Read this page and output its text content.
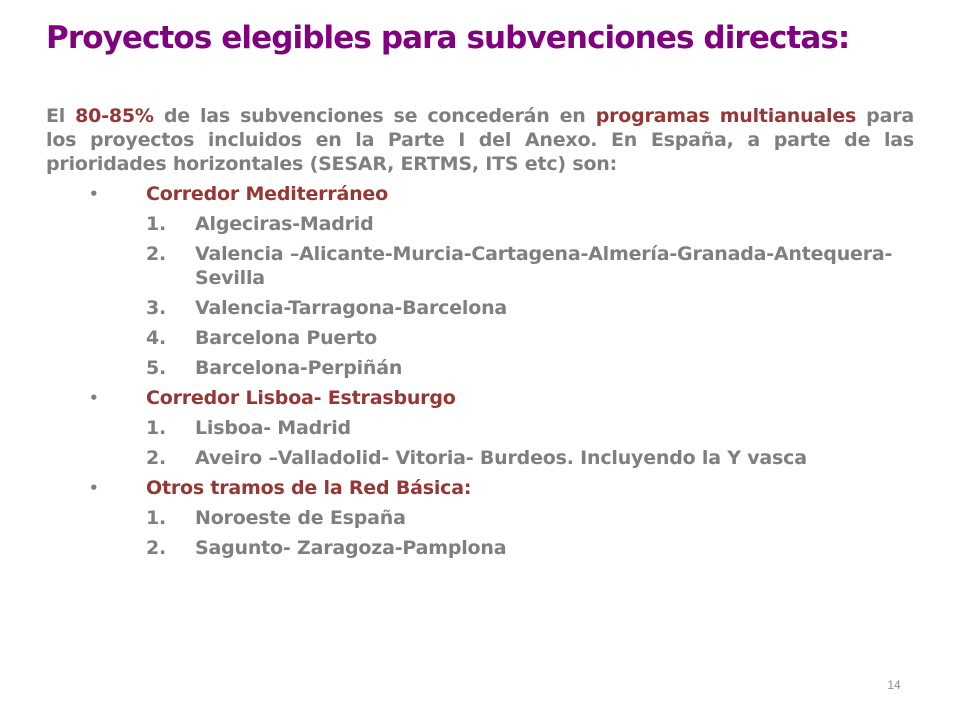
Proyectos elegibles para subvenciones directas:

El 80-85% de las subvenciones se concederán en programas multianuales para los proyectos incluidos en la Parte I del Anexo. En España, a parte de las prioridades horizontales (SESAR, ERTMS, ITS etc) son:

•	Corredor Mediterráneo
1. Algeciras-Madrid
2. Valencia –Alicante-Murcia-Cartagena-Almería-Granada-Antequera-Sevilla
3. Valencia-Tarragona-Barcelona
4. Barcelona Puerto
5. Barcelona-Perpiñán
•	Corredor Lisboa- Estrasburgo
1. Lisboa- Madrid
2. Aveiro –Valladolid- Vitoria- Burdeos. Incluyendo la Y vasca
•	Otros tramos de la Red Básica:
1. Noroeste de España
2. Sagunto- Zaragoza-Pamplona
14
